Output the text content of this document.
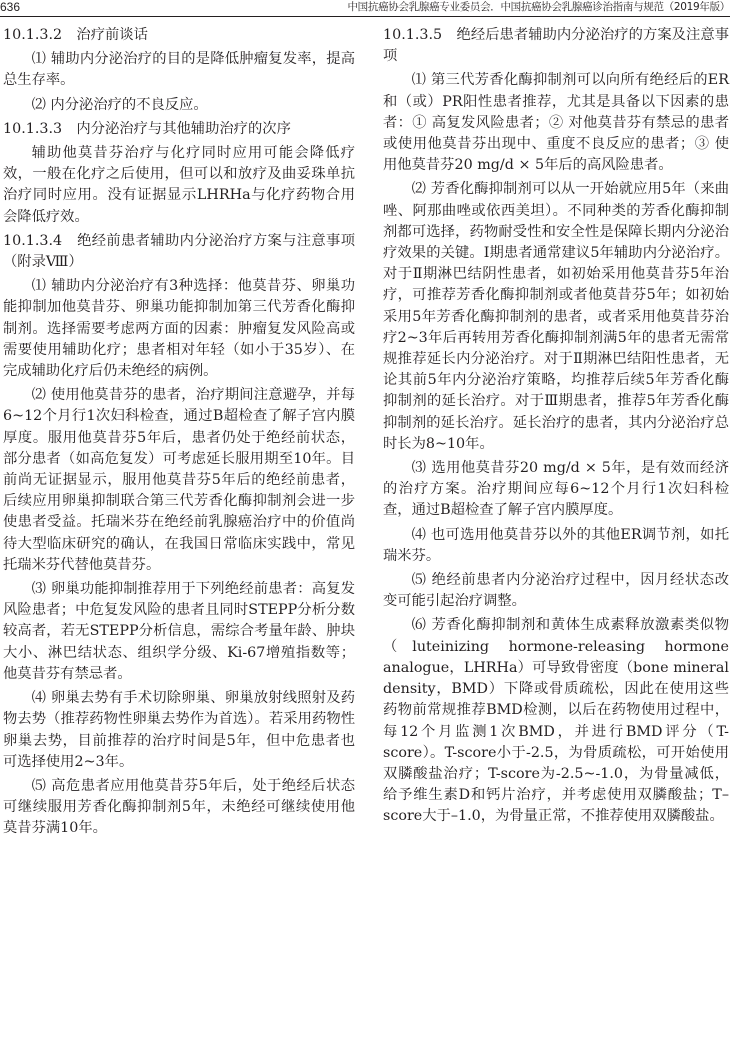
636	中国抗癌协会乳腺癌专业委员会．中国抗癌协会乳腺癌诊治指南与规范（2019年版）
10.1.3.2　治疗前谈话
⑴ 辅助内分泌治疗的目的是降低肿瘤复发率，提高总生存率。
⑵ 内分泌治疗的不良反应。
10.1.3.3　内分泌治疗与其他辅助治疗的次序
辅助他莫昔芬治疗与化疗同时应用可能会降低疗效，一般在化疗之后使用，但可以和放疗及曲妥珠单抗治疗同时应用。没有证据显示LHRHa与化疗药物合用会降低疗效。
10.1.3.4　绝经前患者辅助内分泌治疗方案与注意事项（附录Ⅷ）
⑴ 辅助内分泌治疗有3种选择：他莫昔芬、卵巢功能抑制加他莫昔芬、卵巢功能抑制加第三代芳香化酶抑制剂。选择需要考虑两方面的因素：肿瘤复发风险高或需要使用辅助化疗；患者相对年轻（如小于35岁）、在完成辅助化疗后仍未绝经的病例。
⑵ 使用他莫昔芬的患者，治疗期间注意避孕，并每6~12个月行1次妇科检查，通过B超检查了解子宫内膜厚度。服用他莫昔芬5年后，患者仍处于绝经前状态，部分患者（如高危复发）可考虑延长服用期至10年。目前尚无证据显示，服用他莫昔芬5年后的绝经前患者，后续应用卵巢抑制联合第三代芳香化酶抑制剂会进一步使患者受益。托瑞米芬在绝经前乳腺癌治疗中的价值尚待大型临床研究的确认，在我国日常临床实践中，常见托瑞米芬代替他莫昔芬。
⑶ 卵巢功能抑制推荐用于下列绝经前患者：高复发风险患者；中危复发风险的患者且同时STEPP分析分数较高者，若无STEPP分析信息，需综合考量年龄、肿块大小、淋巴结状态、组织学分级、Ki-67增殖指数等；他莫昔芬有禁忌者。
⑷ 卵巢去势有手术切除卵巢、卵巢放射线照射及药物去势（推荐药物性卵巢去势作为首选）。若采用药物性卵巢去势，目前推荐的治疗时间是5年，但中危患者也可选择使用2~3年。
⑸ 高危患者应用他莫昔芬5年后，处于绝经后状态可继续服用芳香化酶抑制剂5年，未绝经可继续使用他莫昔芬满10年。
10.1.3.5　绝经后患者辅助内分泌治疗的方案及注意事项
⑴ 第三代芳香化酶抑制剂可以向所有绝经后的ER和（或）PR阳性患者推荐，尤其是具备以下因素的患者：① 高复发风险患者；② 对他莫昔芬有禁忌的患者或使用他莫昔芬出现中、重度不良反应的患者；③ 使用他莫昔芬20 mg/d × 5年后的高风险患者。
⑵ 芳香化酶抑制剂可以从一开始就应用5年（来曲唑、阿那曲唑或依西美坦）。不同种类的芳香化酶抑制剂都可选择，药物耐受性和安全性是保障长期内分泌治疗效果的关键。Ⅰ期患者通常建议5年辅助内分泌治疗。对于Ⅱ期淋巴结阴性患者，如初始采用他莫昔芬5年治疗，可推荐芳香化酶抑制剂或者他莫昔芬5年；如初始采用5年芳香化酶抑制剂的患者，或者采用他莫昔芬治疗2~3年后再转用芳香化酶抑制剂满5年的患者无需常规推荐延长内分泌治疗。对于Ⅱ期淋巴结阳性患者，无论其前5年内分泌治疗策略，均推荐后续5年芳香化酶抑制剂的延长治疗。对于Ⅲ期患者，推荐5年芳香化酶抑制剂的延长治疗。延长治疗的患者，其内分泌治疗总时长为8~10年。
⑶ 选用他莫昔芬20 mg/d × 5年，是有效而经济的治疗方案。治疗期间应每6~12个月行1次妇科检查，通过B超检查了解子宫内膜厚度。
⑷ 也可选用他莫昔芬以外的其他ER调节剂，如托瑞米芬。
⑸ 绝经前患者内分泌治疗过程中，因月经状态改变可能引起治疗调整。
⑹ 芳香化酶抑制剂和黄体生成素释放激素类似物（luteinizing hormone-releasing hormone analogue，LHRHa）可导致骨密度（bone mineral density，BMD）下降或骨质疏松，因此在使用这些药物前常规推荐BMD检测，以后在药物使用过程中，每12个月监测1次BMD，并进行BMD评分（T-score）。T-score小于-2.5，为骨质疏松，可开始使用双膦酸盐治疗；T-score为-2.5~-1.0，为骨量减低，给予维生素D和钙片治疗，并考虑使用双膦酸盐；T–score大于–1.0，为骨量正常，不推荐使用双膦酸盐。
